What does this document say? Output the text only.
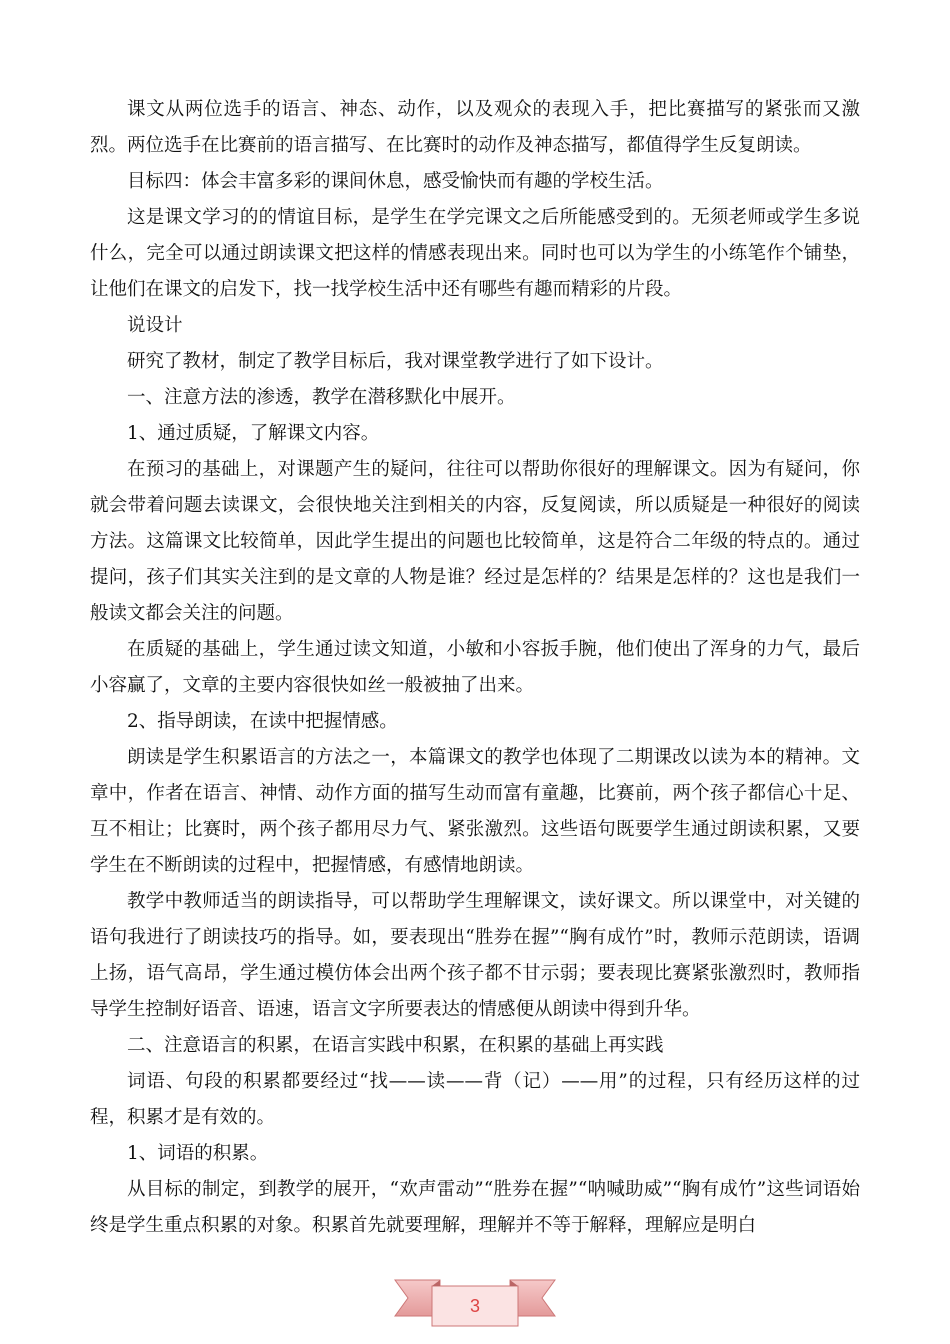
课文从两位选手的语言、神态、动作，以及观众的表现入手，把比赛描写的紧张而又激烈。两位选手在比赛前的语言描写、在比赛时的动作及神态描写，都值得学生反复朗读。

目标四：体会丰富多彩的课间休息，感受愉快而有趣的学校生活。

这是课文学习的的情谊目标，是学生在学完课文之后所能感受到的。无须老师或学生多说什么，完全可以通过朗读课文把这样的情感表现出来。同时也可以为学生的小练笔作个铺垫，让他们在课文的启发下，找一找学校生活中还有哪些有趣而精彩的片段。

说设计

研究了教材，制定了教学目标后，我对课堂教学进行了如下设计。

一、注意方法的渗透，教学在潜移默化中展开。

1、通过质疑，了解课文内容。

在预习的基础上，对课题产生的疑问，往往可以帮助你很好的理解课文。因为有疑问，你就会带着问题去读课文，会很快地关注到相关的内容，反复阅读，所以质疑是一种很好的阅读方法。这篇课文比较简单，因此学生提出的问题也比较简单，这是符合二年级的特点的。通过提问，孩子们其实关注到的是文章的人物是谁？经过是怎样的？结果是怎样的？这也是我们一般读文都会关注的问题。

在质疑的基础上，学生通过读文知道，小敏和小容扳手腕，他们使出了浑身的力气，最后小容赢了，文章的主要内容很快如丝一般被抽了出来。

2、指导朗读，在读中把握情感。

朗读是学生积累语言的方法之一，本篇课文的教学也体现了二期课改以读为本的精神。文章中，作者在语言、神情、动作方面的描写生动而富有童趣，比赛前，两个孩子都信心十足、互不相让；比赛时，两个孩子都用尽力气、紧张激烈。这些语句既要学生通过朗读积累，又要学生在不断朗读的过程中，把握情感，有感情地朗读。

教学中教师适当的朗读指导，可以帮助学生理解课文，读好课文。所以课堂中，对关键的语句我进行了朗读技巧的指导。如，要表现出“胜券在握”“胸有成竹”时，教师示范朗读，语调上扬，语气高昂，学生通过模仿体会出两个孩子都不甘示弱；要表现比赛紧张激烈时，教师指导学生控制好语音、语速，语言文字所要表达的情感便从朗读中得到升华。

二、注意语言的积累，在语言实践中积累，在积累的基础上再实践

词语、句段的积累都要经过“找——读——背（记）——用”的过程，只有经历这样的过程，积累才是有效的。

1、词语的积累。

从目标的制定，到教学的展开，“欢声雷动”“胜券在握”“呐喊助威”“胸有成竹”这些词语始终是学生重点积累的对象。积累首先就要理解，理解并不等于解释，理解应是明白

3
